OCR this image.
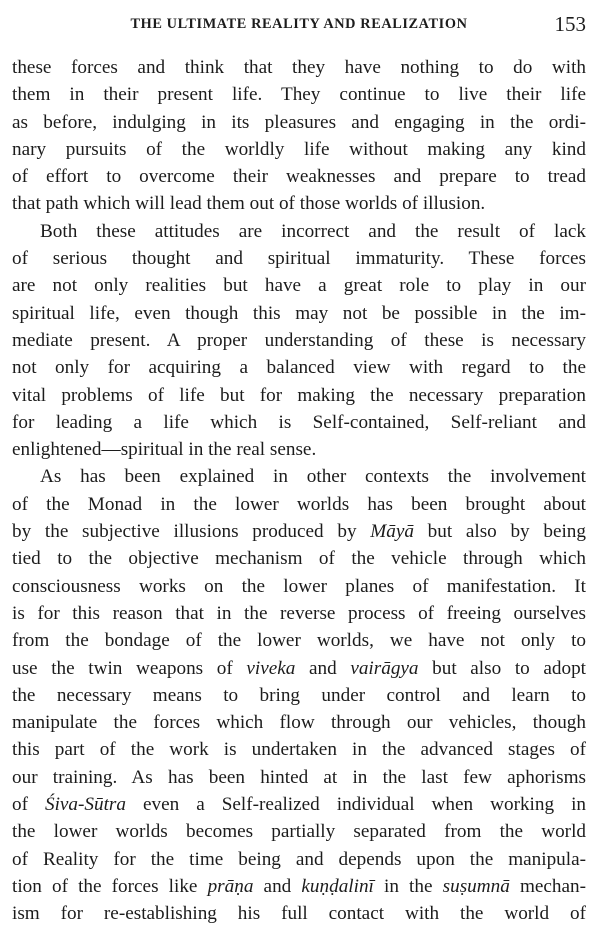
THE ULTIMATE REALITY AND REALIZATION	153
these forces and think that they have nothing to do with
them in their present life. They continue to live their life
as before, indulging in its pleasures and engaging in the ordi-
nary pursuits of the worldly life without making any kind
of effort to overcome their weaknesses and prepare to tread
that path which will lead them out of those worlds of illusion.
Both these attitudes are incorrect and the result of lack
of serious thought and spiritual immaturity. These forces
are not only realities but have a great role to play in our
spiritual life, even though this may not be possible in the im-
mediate present. A proper understanding of these is necessary
not only for acquiring a balanced view with regard to the
vital problems of life but for making the necessary preparation
for leading a life which is Self-contained, Self-reliant and
enlightened—spiritual in the real sense.
As has been explained in other contexts the involvement
of the Monad in the lower worlds has been brought about
by the subjective illusions produced by Māyā but also by being
tied to the objective mechanism of the vehicle through which
consciousness works on the lower planes of manifestation. It
is for this reason that in the reverse process of freeing ourselves
from the bondage of the lower worlds, we have not only to
use the twin weapons of viveka and vairāgya but also to adopt
the necessary means to bring under control and learn to
manipulate the forces which flow through our vehicles, though
this part of the work is undertaken in the advanced stages of
our training. As has been hinted at in the last few aphorisms
of Śiva-Sūtra even a Self-realized individual when working in
the lower worlds becomes partially separated from the world
of Reality for the time being and depends upon the manipula-
tion of the forces like prāṇa and kuṇḍalinī in the suṣumnā mechan-
ism for re-establishing his full contact with the world of
